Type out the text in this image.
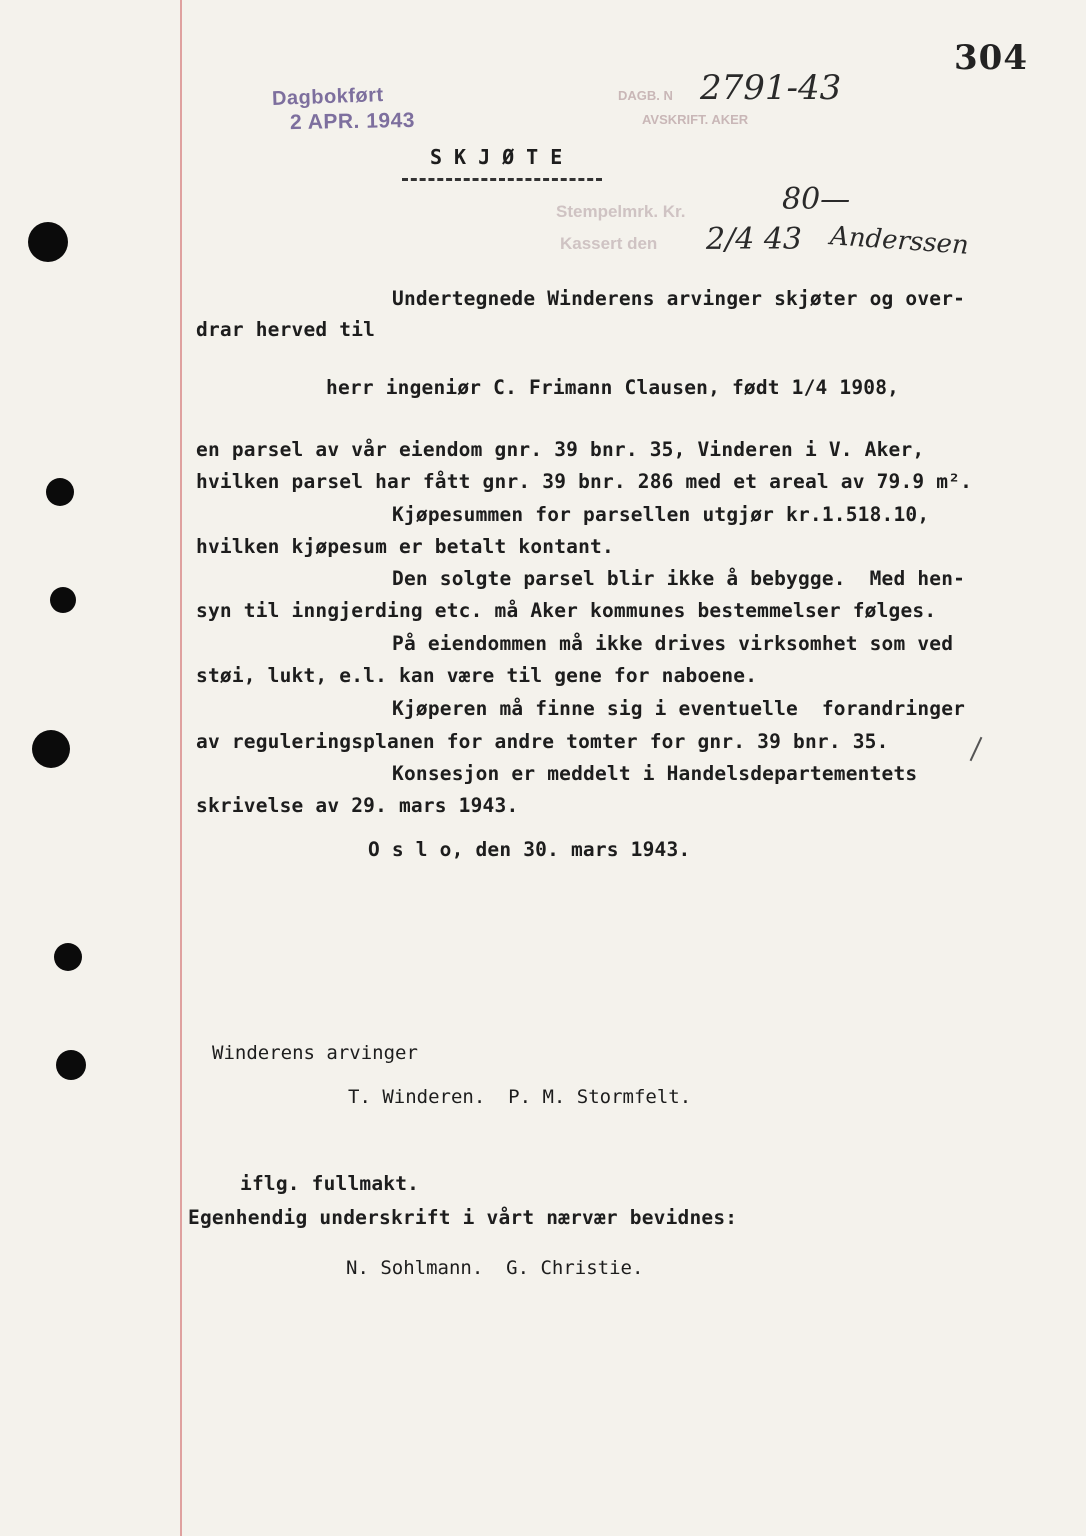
304
Dagbokført
2 APR. 1943
DAGB. N
AVSKRIFT. AKER
Stempelmrk. Kr.
Kassert den
2791-43
80—
2/4 43 Anderssen
SKJØTE
Undertegnede Winderens arvinger skjøter og over-
drar herved til
herr ingeniør C. Frimann Clausen, født 1/4 1908,
en parsel av vår eiendom gnr. 39 bnr. 35, Vinderen i V. Aker,
hvilken parsel har fått gnr. 39 bnr. 286 med et areal av 79.9 m².
Kjøpesummen for parsellen utgjør kr.1.518.10,
hvilken kjøpesum er betalt kontant.
Den solgte parsel blir ikke å bebygge.  Med hen-
syn til inngjerding etc. må Aker kommunes bestemmelser følges.
På eiendommen må ikke drives virksomhet som ved
støi, lukt, e.l. kan være til gene for naboene.
Kjøperen må finne sig i eventuelle  forandringer
av reguleringsplanen for andre tomter for gnr. 39 bnr. 35.
Konsesjon er meddelt i Handelsdepartementets
skrivelse av 29. mars 1943.
O s l o, den 30. mars 1943.
Winderens arvinger
T. Winderen.  P. M. Stormfelt.
iflg. fullmakt.
Egenhendig underskrift i vårt nærvær bevidnes:
N. Sohlmann.  G. Christie.
